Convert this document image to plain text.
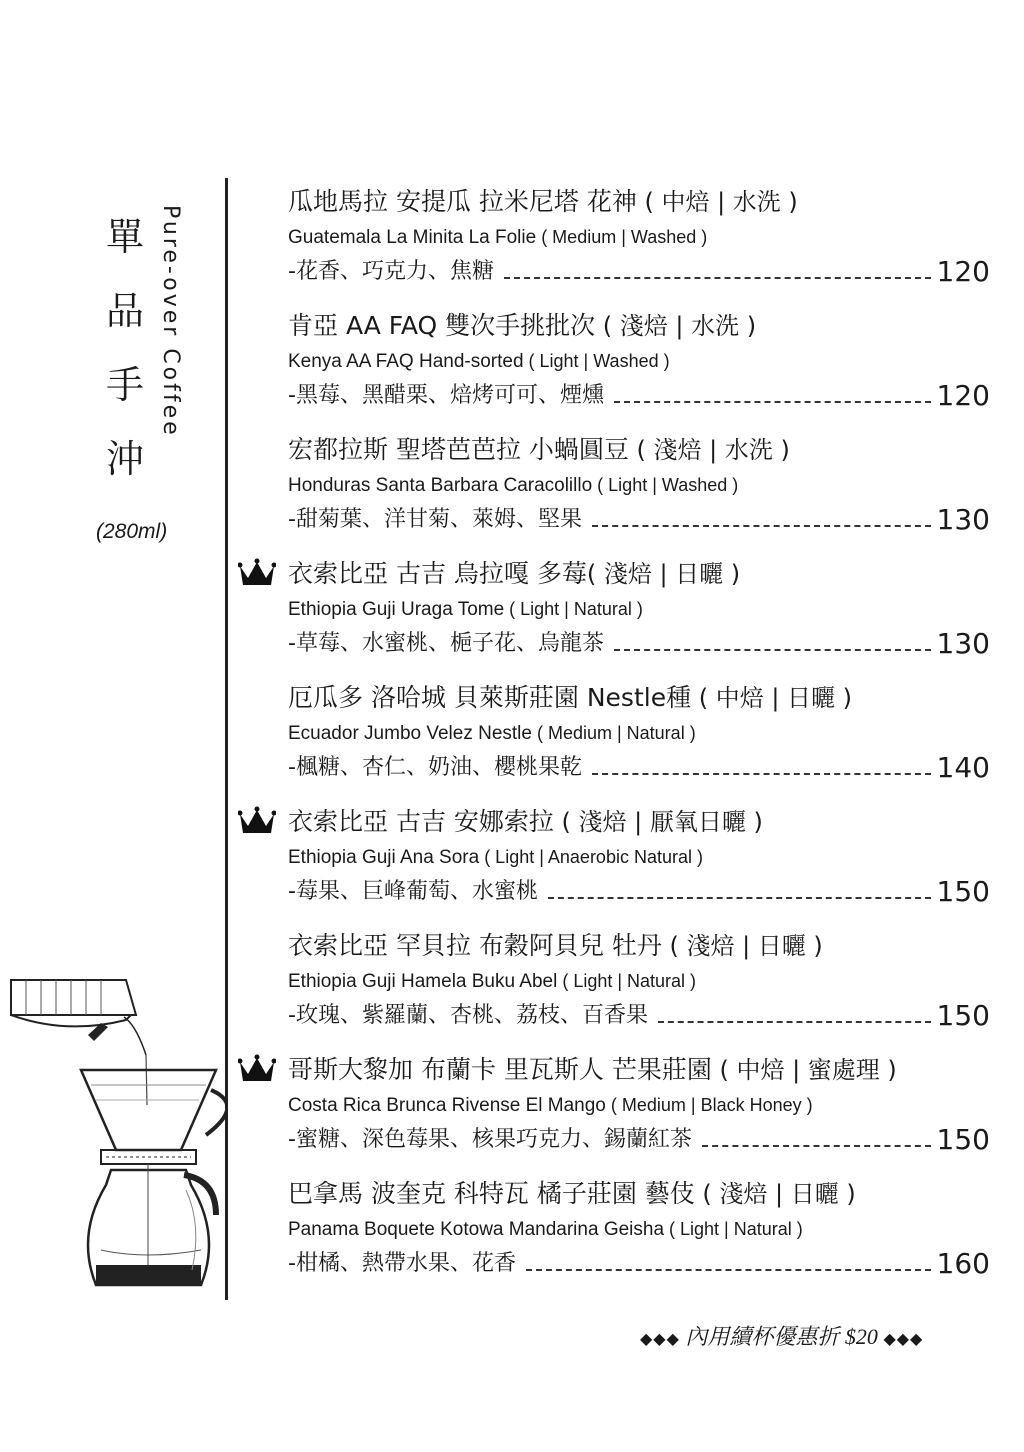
單
品
手
沖
Pure-over Coffee
(280ml)
瓜地馬拉 安提瓜 拉米尼塔 花神 ( 中焙 | 水洗 )
Guatemala La Minita La Folie ( Medium | Washed )
-花香、巧克力、焦糖	120
肯亞 AA FAQ 雙次手挑批次 ( 淺焙 | 水洗 )
Kenya AA FAQ Hand-sorted ( Light | Washed )
-黑莓、黑醋栗、焙烤可可、煙燻	120
宏都拉斯 聖塔芭芭拉 小蝸圓豆 ( 淺焙 | 水洗 )
Honduras Santa Barbara Caracolillo ( Light | Washed )
-甜菊葉、洋甘菊、萊姆、堅果	130
衣索比亞 古吉 烏拉嘎 多莓( 淺焙 | 日曬 )
Ethiopia Guji Uraga Tome ( Light | Natural )
-草莓、水蜜桃、梔子花、烏龍茶	130
厄瓜多 洛哈城 貝萊斯莊園 Nestle種 ( 中焙 | 日曬 )
Ecuador Jumbo Velez Nestle ( Medium | Natural )
-楓糖、杏仁、奶油、櫻桃果乾	140
衣索比亞 古吉 安娜索拉 ( 淺焙 | 厭氧日曬 )
Ethiopia Guji Ana Sora ( Light | Anaerobic Natural )
-莓果、巨峰葡萄、水蜜桃	150
衣索比亞 罕貝拉 布穀阿貝兒 牡丹 ( 淺焙 | 日曬 )
Ethiopia Guji Hamela Buku Abel ( Light | Natural )
-玫瑰、紫羅蘭、杏桃、荔枝、百香果	150
哥斯大黎加 布蘭卡 里瓦斯人 芒果莊園 ( 中焙 | 蜜處理 )
Costa Rica Brunca Rivense El Mango ( Medium | Black Honey )
-蜜糖、深色莓果、核果巧克力、錫蘭紅茶	150
巴拿馬 波奎克 科特瓦 橘子莊園 藝伎 ( 淺焙 | 日曬 )
Panama Boquete Kotowa Mandarina Geisha ( Light | Natural )
-柑橘、熱帶水果、花香	160
◆◆◆ 內用續杯優惠折 $20 ◆◆◆
